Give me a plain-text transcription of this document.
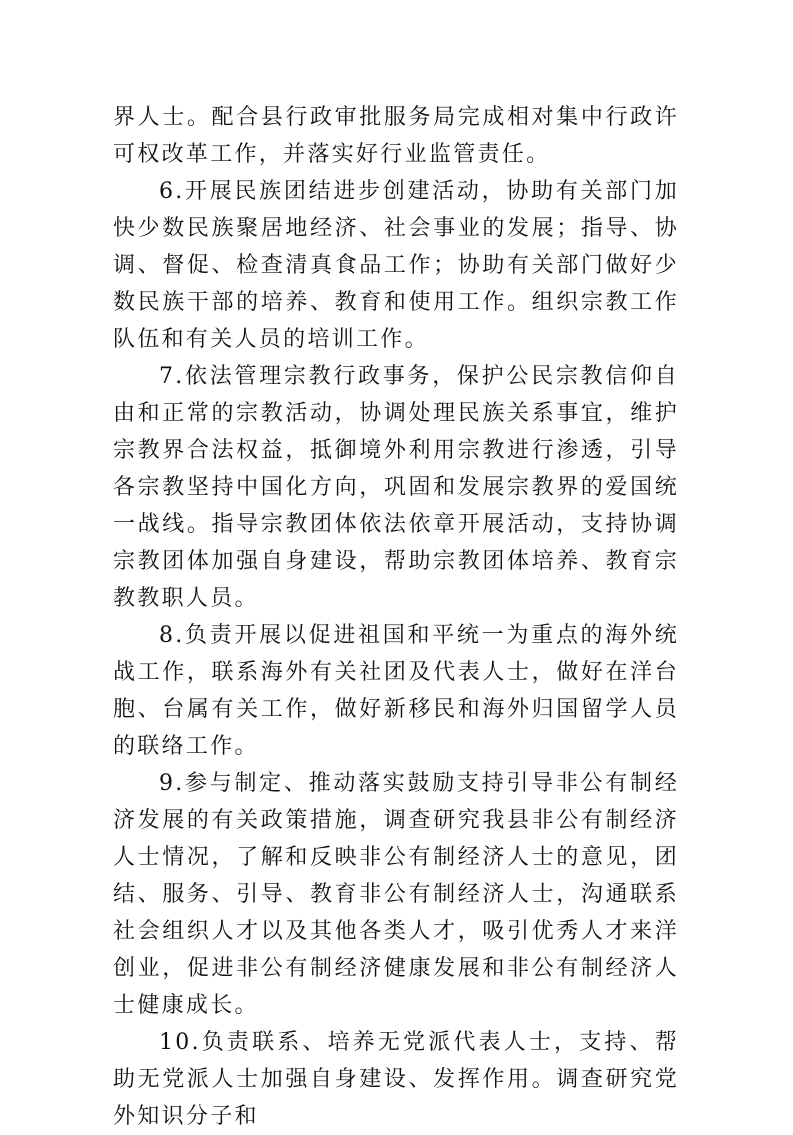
界人士。配合县行政审批服务局完成相对集中行政许可权改革工作，并落实好行业监管责任。

6.开展民族团结进步创建活动，协助有关部门加快少数民族聚居地经济、社会事业的发展；指导、协调、督促、检查清真食品工作；协助有关部门做好少数民族干部的培养、教育和使用工作。组织宗教工作队伍和有关人员的培训工作。

7.依法管理宗教行政事务，保护公民宗教信仰自由和正常的宗教活动，协调处理民族关系事宜，维护宗教界合法权益，抵御境外利用宗教进行渗透，引导各宗教坚持中国化方向，巩固和发展宗教界的爱国统一战线。指导宗教团体依法依章开展活动，支持协调宗教团体加强自身建设，帮助宗教团体培养、教育宗教教职人员。

8.负责开展以促进祖国和平统一为重点的海外统战工作，联系海外有关社团及代表人士，做好在洋台胞、台属有关工作，做好新移民和海外归国留学人员的联络工作。

9.参与制定、推动落实鼓励支持引导非公有制经济发展的有关政策措施，调查研究我县非公有制经济人士情况，了解和反映非公有制经济人士的意见，团结、服务、引导、教育非公有制经济人士，沟通联系社会组织人才以及其他各类人才，吸引优秀人才来洋创业，促进非公有制经济健康发展和非公有制经济人士健康成长。

10.负责联系、培养无党派代表人士，支持、帮助无党派人士加强自身建设、发挥作用。调查研究党外知识分子和
